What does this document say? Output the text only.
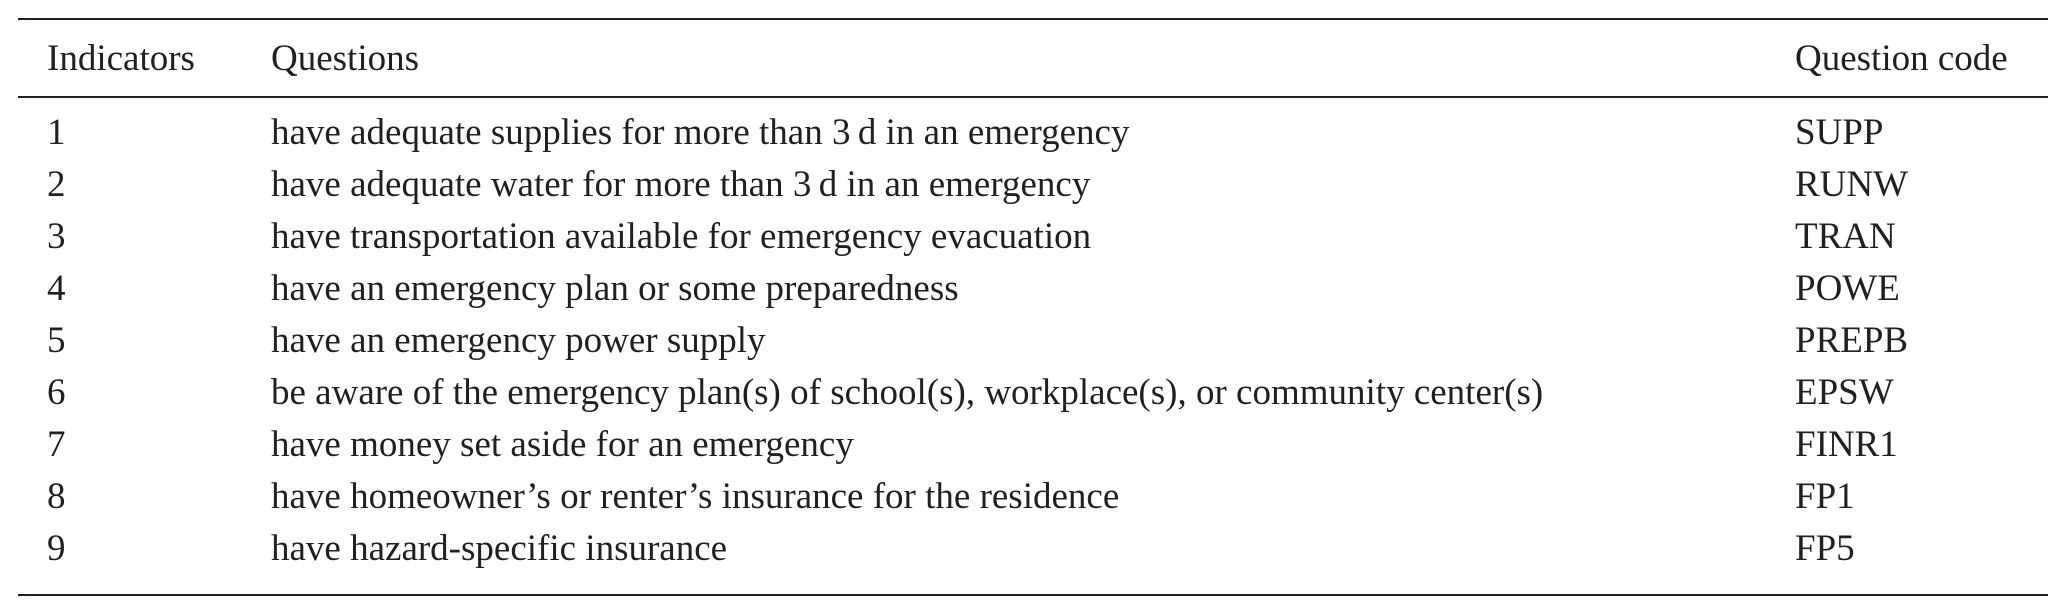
Indicators	Questions	Question code
1	have adequate supplies for more than 3 d in an emergency	SUPP
2	have adequate water for more than 3 d in an emergency	RUNW
3	have transportation available for emergency evacuation	TRAN
4	have an emergency plan or some preparedness	POWE
5	have an emergency power supply	PREPB
6	be aware of the emergency plan(s) of school(s), workplace(s), or community center(s)	EPSW
7	have money set aside for an emergency	FINR1
8	have homeowner’s or renter’s insurance for the residence	FP1
9	have hazard-specific insurance	FP5
